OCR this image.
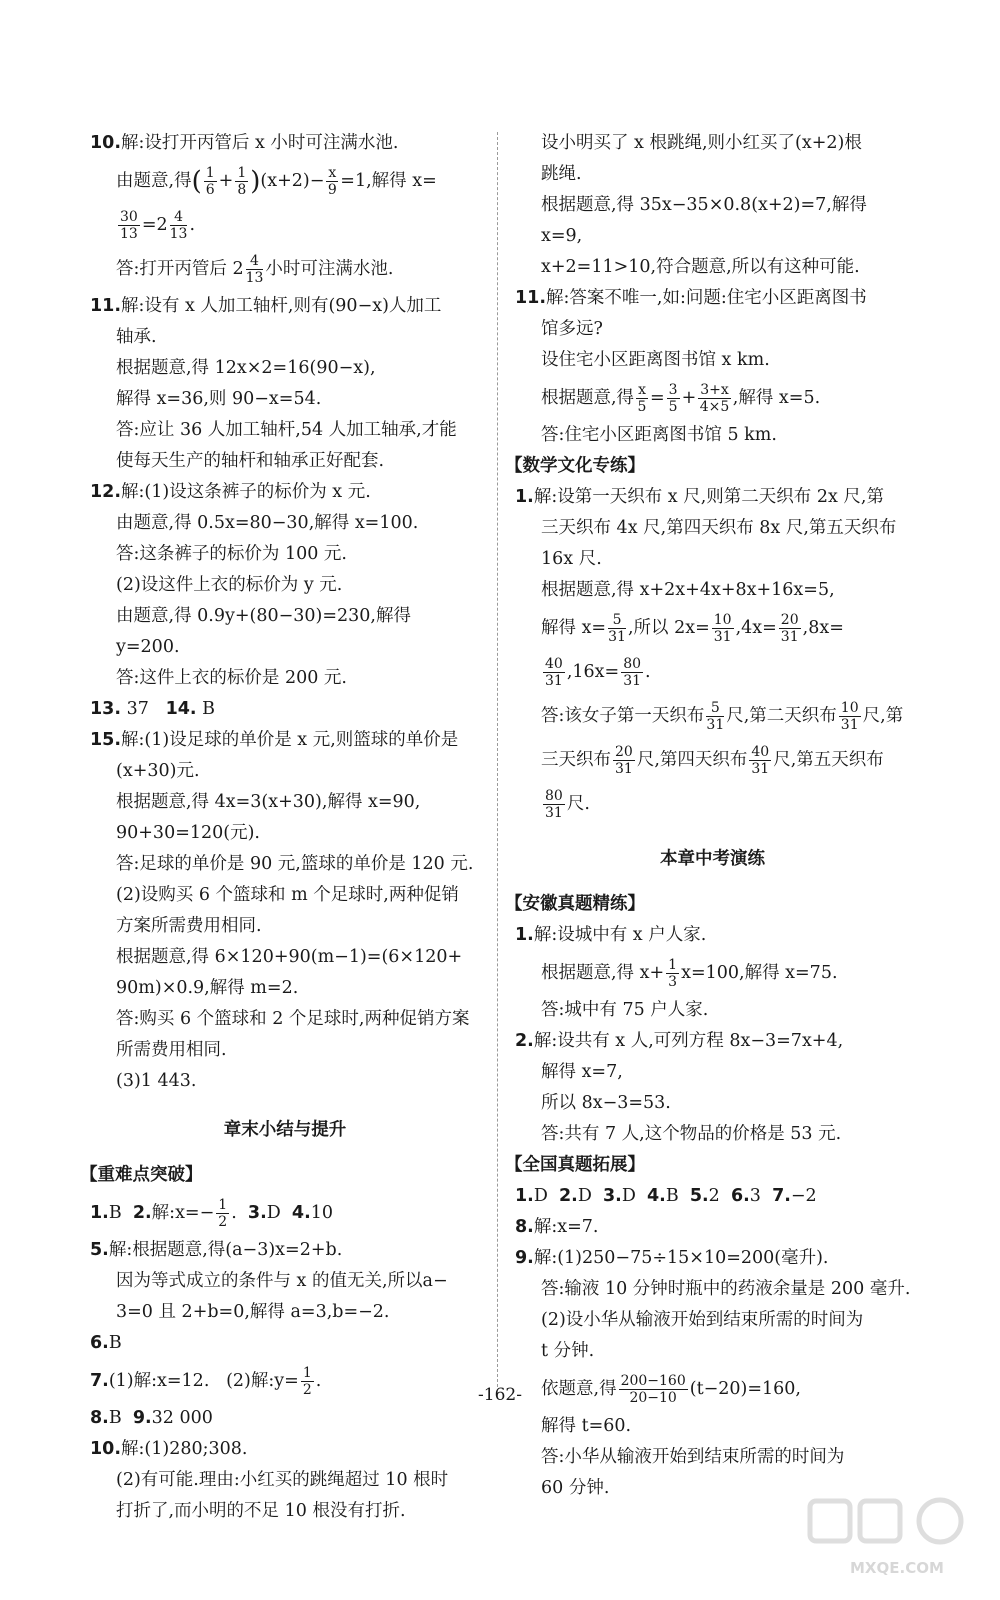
10.解:设打开丙管后 x 小时可注满水池.
由题意,得( $\frac{1}{6} + \frac{1}{8} )(x+2)- \frac{x}{9} =1$,解得 x=
$\frac{30}{13} =2 \frac{4}{13}$ .
答:打开丙管后 $2 \frac{4}{13}$ 小时可注满水池.
11.解:设有 x 人加工轴杆,则有(90−x)人加工
轴承.
根据题意,得 12x×2=16(90−x),
解得 x=36,则 90−x=54.
答:应让 36 人加工轴杆,54 人加工轴承,才能
使每天生产的轴杆和轴承正好配套.
12.解:(1)设这条裤子的标价为 x 元.
由题意,得 0.5x=80−30,解得 x=100.
答:这条裤子的标价为 100 元.
(2)设这件上衣的标价为 y 元.
由题意,得 0.9y+(80−30)=230,解得
y=200.
答:这件上衣的标价是 200 元.
13. 37 14. B
15.解:(1)设足球的单价是 x 元,则篮球的单价是
(x+30)元.
根据题意,得 4x=3(x+30),解得 x=90,
90+30=120(元).
答:足球的单价是 90 元,篮球的单价是 120 元.
(2)设购买 6 个篮球和 m 个足球时,两种促销
方案所需费用相同.
根据题意,得 6×120+90(m−1)=(6×120+
90m)×0.9,解得 m=2.
答:购买 6 个篮球和 2 个足球时,两种促销方案
所需费用相同.
(3)1 443.
章末小结与提升
【重难点突破】
1.B 2.解:x=− $\frac{1}{2}$ . 3.D 4.10
5.解:根据题意,得(a−3)x=2+b.
因为等式成立的条件与 x 的值无关,所以a−
3=0 且 2+b=0,解得 a=3,b=−2.
6.B
7.(1)解:x=12. (2)解:y= $\frac{1}{2}$ .
8.B 9.32 000
10.解:(1)280;308.
(2)有可能.理由:小红买的跳绳超过 10 根时
打折了,而小明的不足 10 根没有打折.
设小明买了 x 根跳绳,则小红买了(x+2)根
跳绳.
根据题意,得 35x−35×0.8(x+2)=7,解得
x=9,
x+2=11>10,符合题意,所以有这种可能.
11.解:答案不唯一,如:问题:住宅小区距离图书
馆多远?
设住宅小区距离图书馆 x km.
根据题意,得 $\frac{x}{5} = \frac{3}{5} + \frac{3+x}{4\times 5}$ ,解得 x=5.
答:住宅小区距离图书馆 5 km.
【数学文化专练】
1.解:设第一天织布 x 尺,则第二天织布 2x 尺,第
三天织布 4x 尺,第四天织布 8x 尺,第五天织布
16x 尺.
根据题意,得 x+2x+4x+8x+16x=5,
解得 $x= \frac{5}{31}$ ,所以 $2x= \frac{10}{31} ,4x= \frac{20}{31} ,8x=$
$\frac{40}{31} ,16x= \frac{80}{31}$ .
答:该女子第一天织布 $\frac{5}{31}$ 尺,第二天织布 $\frac{10}{31}$ 尺,第
三天织布 $\frac{20}{31}$ 尺,第四天织布 $\frac{40}{31}$ 尺,第五天织布
$\frac{80}{31}$ 尺.
本章中考演练
【安徽真题精练】
1.解:设城中有 x 户人家.
根据题意,得 $x+ \frac{1}{3} x=100$,解得 x=75.
答:城中有 75 户人家.
2.解:设共有 x 人,可列方程 8x−3=7x+4,
解得 x=7,
所以 8x−3=53.
答:共有 7 人,这个物品的价格是 53 元.
【全国真题拓展】
1.D 2.D 3.D 4.B 5.2 6.3 7.−2
8.解:x=7.
9.解:(1)250−75÷15×10=200(毫升).
答:输液 10 分钟时瓶中的药液余量是 200 毫升.
(2)设小华从输液开始到结束所需的时间为
t 分钟.
依题意,得 $\frac{200-160}{20-10} (t-20)=160$,
解得 t=60.
答:小华从输液开始到结束所需的时间为
60 分钟.
-162-
MXQE.COM
